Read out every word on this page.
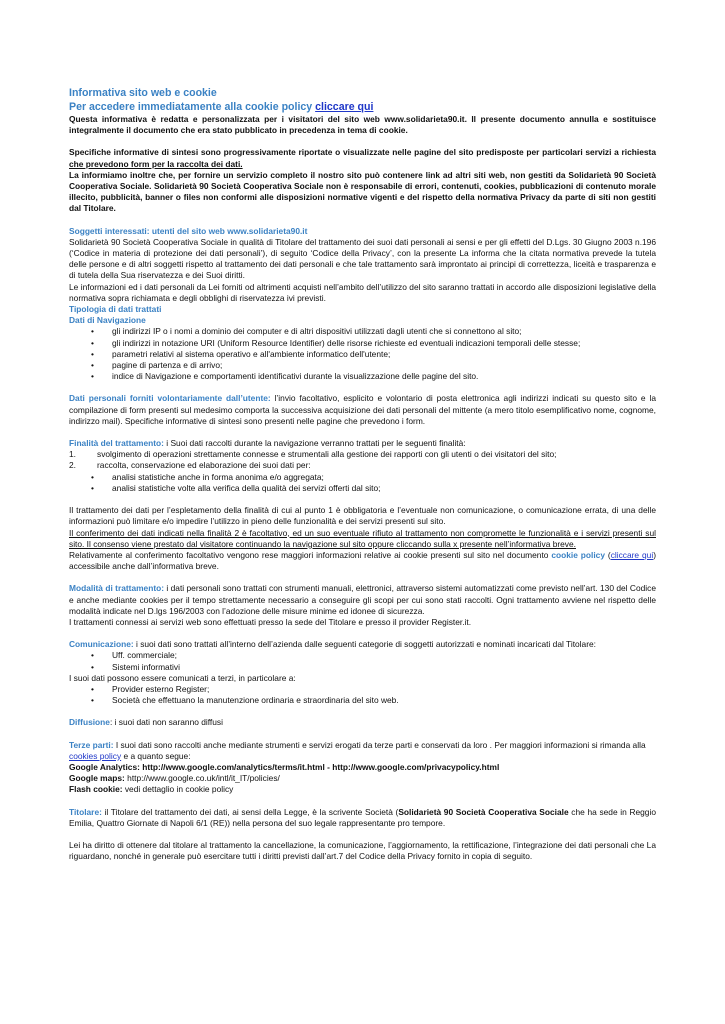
Informativa sito web e cookie
Per accedere immediatamente alla cookie policy cliccare qui

Questa informativa è redatta e personalizzata per i visitatori del sito web www.solidarieta90.it. Il presente documento annulla e sostituisce integralmente il documento che era stato pubblicato in precedenza in tema di cookie.

Specifiche informative di sintesi sono progressivamente riportate o visualizzate nelle pagine del sito predisposte per particolari servizi a richiesta che prevedono form per la raccolta dei dati.

La informiamo inoltre che, per fornire un servizio completo il nostro sito può contenere link ad altri siti web, non gestiti da Solidarietà 90 Società Cooperativa Sociale. Solidarietà 90 Società Cooperativa Sociale non è responsabile di errori, contenuti, cookies, pubblicazioni di contenuto morale illecito, pubblicità, banner o files non conformi alle disposizioni normative vigenti e del rispetto della normativa Privacy da parte di siti non gestiti dal Titolare.

Soggetti interessati: utenti del sito web www.solidarieta90.it

Solidarietà 90 Società Cooperativa Sociale in qualità di Titolare del trattamento dei suoi dati personali ai sensi e per gli effetti del D.Lgs. 30 Giugno 2003 n.196 (‘Codice in materia di protezione dei dati personali’), di seguito ‘Codice della Privacy’, con la presente La informa che la citata normativa prevede la tutela delle persone e di altri soggetti rispetto al trattamento dei dati personali e che tale trattamento sarà improntato ai principi di correttezza, liceità e trasparenza e di tutela della Sua riservatezza e dei Suoi diritti.

Le informazioni ed i dati personali da Lei forniti od altrimenti acquisti nell’ambito dell’utilizzo del sito saranno trattati in accordo alle disposizioni legislative della normativa sopra richiamata e degli obblighi di riservatezza ivi previsti.

Tipologia di dati trattati

Dati di Navigazione

• gli indirizzi IP o i nomi a dominio dei computer e di altri dispositivi utilizzati dagli utenti che si connettono al sito;
• gli indirizzi in notazione URI (Uniform Resource Identifier) delle risorse richieste ed eventuali indicazioni temporali delle stesse;
• parametri relativi al sistema operativo e all'ambiente informatico dell'utente;
• pagine di partenza e di arrivo;
• indice di Navigazione e comportamenti identificativi durante la visualizzazione delle pagine del sito.

Dati personali forniti volontariamente dall’utente: l’invio facoltativo, esplicito e volontario di posta elettronica agli indirizzi indicati su questo sito e la compilazione di form presenti sul medesimo comporta la successiva acquisizione dei dati personali del mittente (a mero titolo esemplificativo nome, cognome, indirizzo mail). Specifiche informative di sintesi sono presenti nelle pagine che prevedono i form.

Finalità del trattamento: i Suoi dati raccolti durante la navigazione verranno trattati per le seguenti finalità:

1.	svolgimento di operazioni strettamente connesse e strumentali alla gestione dei rapporti con gli utenti o dei visitatori del sito;
2.	raccolta, conservazione ed elaborazione dei suoi dati per:
• analisi statistiche anche in forma anonima e/o aggregata;
• analisi statistiche volte alla verifica della qualità dei servizi offerti dal sito;

Il trattamento dei dati per l’espletamento della finalità di cui al punto 1 è obbligatoria e l’eventuale non comunicazione, o comunicazione errata, di una delle informazioni può limitare e/o impedire l’utilizzo in pieno delle funzionalità e dei servizi presenti sul sito.

Il conferimento dei dati indicati nella finalità 2 è facoltativo, ed un suo eventuale rifiuto al trattamento non compromette le funzionalità e i servizi presenti sul sito. Il consenso viene prestato dal visitatore continuando la navigazione sul sito oppure cliccando sulla x presente nell’informativa breve.

Relativamente al conferimento facoltativo vengono rese maggiori informazioni relative ai cookie presenti sul sito nel documento cookie policy (cliccare qui) accessibile anche dall’informativa breve.

Modalità di trattamento: i dati personali sono trattati con strumenti manuali, elettronici, attraverso sistemi automatizzati come previsto nell’art. 130 del Codice e anche mediante cookies per il tempo strettamente necessario a conseguire gli scopi per cui sono stati raccolti. Ogni trattamento avviene nel rispetto delle modalità indicate nel D.lgs 196/2003 con l’adozione delle misure minime ed idonee di sicurezza.

I trattamenti connessi ai servizi web sono effettuati presso la sede del Titolare e presso il provider Register.it.

Comunicazione: i suoi dati sono trattati all’interno dell’azienda dalle seguenti categorie di soggetti autorizzati e nominati incaricati dal Titolare:

• Uff. commerciale;
• Sistemi informativi

I suoi dati possono essere comunicati a terzi, in particolare a:

• Provider esterno Register;
• Società che effettuano la manutenzione ordinaria e straordinaria del sito web.

Diffusione: i suoi dati non saranno diffusi

Terze parti: I suoi dati sono raccolti anche mediante strumenti e servizi erogati da terze parti e conservati da loro . Per maggiori informazioni si rimanda alla cookies policy e a quanto segue:

Google Analytics: http://www.google.com/analytics/terms/it.html - http://www.google.com/privacypolicy.html

Google maps: http://www.google.co.uk/intl/it_IT/policies/

Flash cookie: vedi dettaglio in cookie policy

Titolare: il Titolare del trattamento dei dati, ai sensi della Legge, è la scrivente Società (Solidarietà 90 Società Cooperativa Sociale che ha sede in Reggio Emilia, Quattro Giornate di Napoli 6/1 (RE)) nella persona del suo legale rappresentante pro tempore.

Lei ha diritto di ottenere dal titolare al trattamento la cancellazione, la comunicazione, l’aggiornamento, la rettificazione, l’integrazione dei dati personali che La riguardano, nonché in generale può esercitare tutti i diritti previsti dall’art.7 del Codice della Privacy fornito in copia di seguito.
